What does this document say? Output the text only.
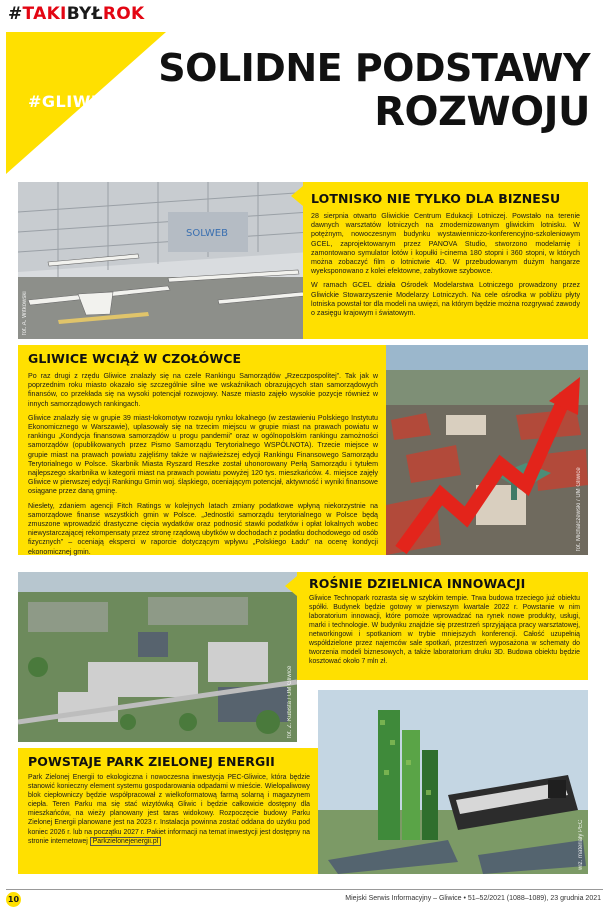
#TAKIBYŁROK
#GLIWICE
SOLIDNE PODSTAWY
ROZWOJU
SOLWEB
fot. A. Witkowski
LOTNISKO NIE TYLKO DLA BIZNESU

28 sierpnia otwarto Gliwickie Centrum Edukacji Lotniczej. Powstało na terenie dawnych warsztatów lotniczych na zmodernizowanym gliwickim lotnisku. W potężnym, nowoczesnym budynku wystawienniczo-konferencyjno-szkoleniowym GCEL, zaprojektowanym przez PANOVA Studio, stworzono modelarnię i zamontowano symulator lotów i kopułki i-cinema 180 stopni i 360 stopni, w których można zobaczyć film o lotnictwie 4D. W przebudowanym dużym hangarze wyeksponowano z kolei efektowne, zabytkowe szybowce.

W ramach GCEL działa Ośrodek Modelarstwa Lotniczego prowadzony przez Gliwickie Stowarzyszenie Modelarzy Lotniczych. Na cele ośrodka w pobliżu płyty lotniska powstał tor dla modeli na uwięzi, na którym będzie można rozgrywać zawody o zasięgu krajowym i światowym.

GLIWICE WCIĄŻ W CZOŁÓWCE

Po raz drugi z rzędu Gliwice znalazły się na czele Rankingu Samorządów „Rzeczpospolitej”. Tak jak w poprzednim roku miasto okazało się szczególnie silne we wskaźnikach obrazujących stan samorządowych finansów, co przekłada się na wysoki potencjał rozwojowy. Nasze miasto zajęło wysokie pozycje również w innych samorządowych rankingach.

Gliwice znalazły się w grupie 39 miast-lokomotyw rozwoju rynku lokalnego (w zestawieniu Polskiego Instytutu Ekonomicznego w Warszawie), uplasowały się na trzecim miejscu w grupie miast na prawach powiatu w rankingu „Kondycja finansowa samorządów u progu pandemii” oraz w ogólnopolskim rankingu zamożności samorządów (opublikowanych przez Pismo Samorządu Terytorialnego WSPÓLNOTA). Trzecie miejsce w grupie miast na prawach powiatu zajęliśmy także w najświeższej edycji Rankingu Finansowego Samorządu Terytorialnego w Polsce. Skarbnik Miasta Ryszard Reszke został uhonorowany Perłą Samorządu i tytułem najlepszego skarbnika w kategorii miast na prawach powiatu powyżej 120 tys. mieszkańców. 4. miejsce zajęły Gliwice w pierwszej edycji Rankingu Gmin woj. śląskiego, oceniającym potencjał, aktywność i wyniki finansowe osiągane przez daną gminę.

Niesłety, zdaniem agencji Fitch Ratings w kolejnych latach zmiany podatkowe wpłyną niekorzystnie na samorządowe finanse wszystkich gmin w Polsce. „Jednostki samorządu terytorialnego w Polsce będą zmuszone wprowadzić drastyczne cięcia wydatków oraz podnosić stawki podatków i opłat lokalnych wobec niewystarczającej rekompensaty przez stronę rządową ubytków w dochodach z podatku dochodowego od osób fizycznych” – oceniają eksperci w raporcie dotyczącym wpływu „Polskiego Ładu” na ocenę kondycji ekonomicznej gmin.

fot. Michalczewski / UM Gliwice
fot. Z. Kubista / UM Gliwice
ROŚNIE DZIELNICA INNOWACJI

Gliwice Technopark rozrasta się w szybkim tempie. Trwa budowa trzeciego już obiektu spółki. Budynek będzie gotowy w pierwszym kwartale 2022 r. Powstanie w nim laboratorium innowacji, które pomoże wprowadzać na rynek nowe produkty, usługi, marki i technologie. W budynku znajdzie się przestrzeń sprzyjająca pracy warsztatowej, networkingowi i spotkaniom w trybie mniejszych konferencji. Całość uzupełnią współdzielone przez najemców sale spotkań, przestrzeń wyposażona w schematy do tworzenia modeli biznesowych, a także laboratorium druku 3D. Budowa obiektu będzie kosztować około 7 mln zł.

POWSTAJE PARK ZIELONEJ ENERGII

Park Zielonej Energii to ekologiczna i nowoczesna inwestycja PEC-Gliwice, która będzie stanowić konieczny element systemu gospodarowania odpadami w mieście. Wielopaliwowy blok ciepłowniczy będzie współpracował z wielkoformatową farmą solarną i magazynem ciepła. Teren Parku ma się stać wizytówką Gliwic i będzie całkowicie dostępny dla mieszkańców, na wieży planowany jest taras widokowy. Rozpoczęcie budowy Parku Zielonej Energii planowane jest na 2023 r. Instalacja powinna zostać oddana do użytku pod koniec 2026 r. lub na początku 2027 r. Pakiet informacji na temat inwestycji jest dostępny na stronie internetowej Parkzielonejenergii.pl	wiz. materiały PEC
10	Miejski Serwis Informacyjny – Gliwice • 51–52/2021 (1088–1089), 23 grudnia 2021
